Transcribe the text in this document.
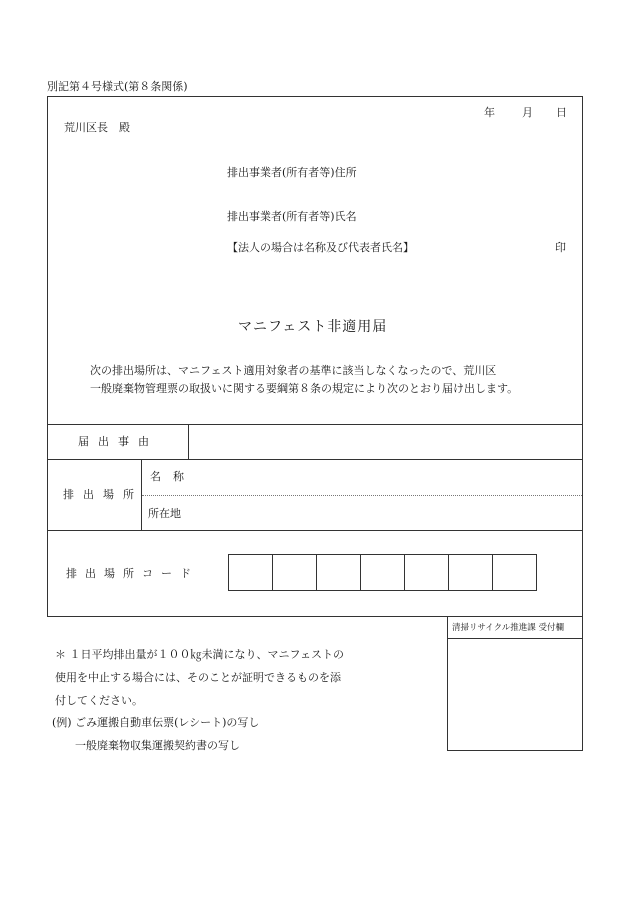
別記第４号様式(第８条関係)
年 月 日
荒川区長　殿
排出事業者(所有者等)住所
排出事業者(所有者等)氏名
【法人の場合は名称及び代表者氏名】	印
マニフェスト非適用届
次の排出場所は、マニフェスト適用対象者の基準に該当しなくなったので、荒川区
一般廃棄物管理票の取扱いに関する要綱第８条の規定により次のとおり届け出します。
届出事由
排出場所
名称
所在地
排出場所コード
清掃リサイクル推進課 受付欄
＊ １日平均排出量が１００㎏未満になり、マニフェストの
使用を中止する場合には、そのことが証明できるものを添
付してください。
(例) ごみ運搬自動車伝票(レシート)の写し
一般廃棄物収集運搬契約書の写し
